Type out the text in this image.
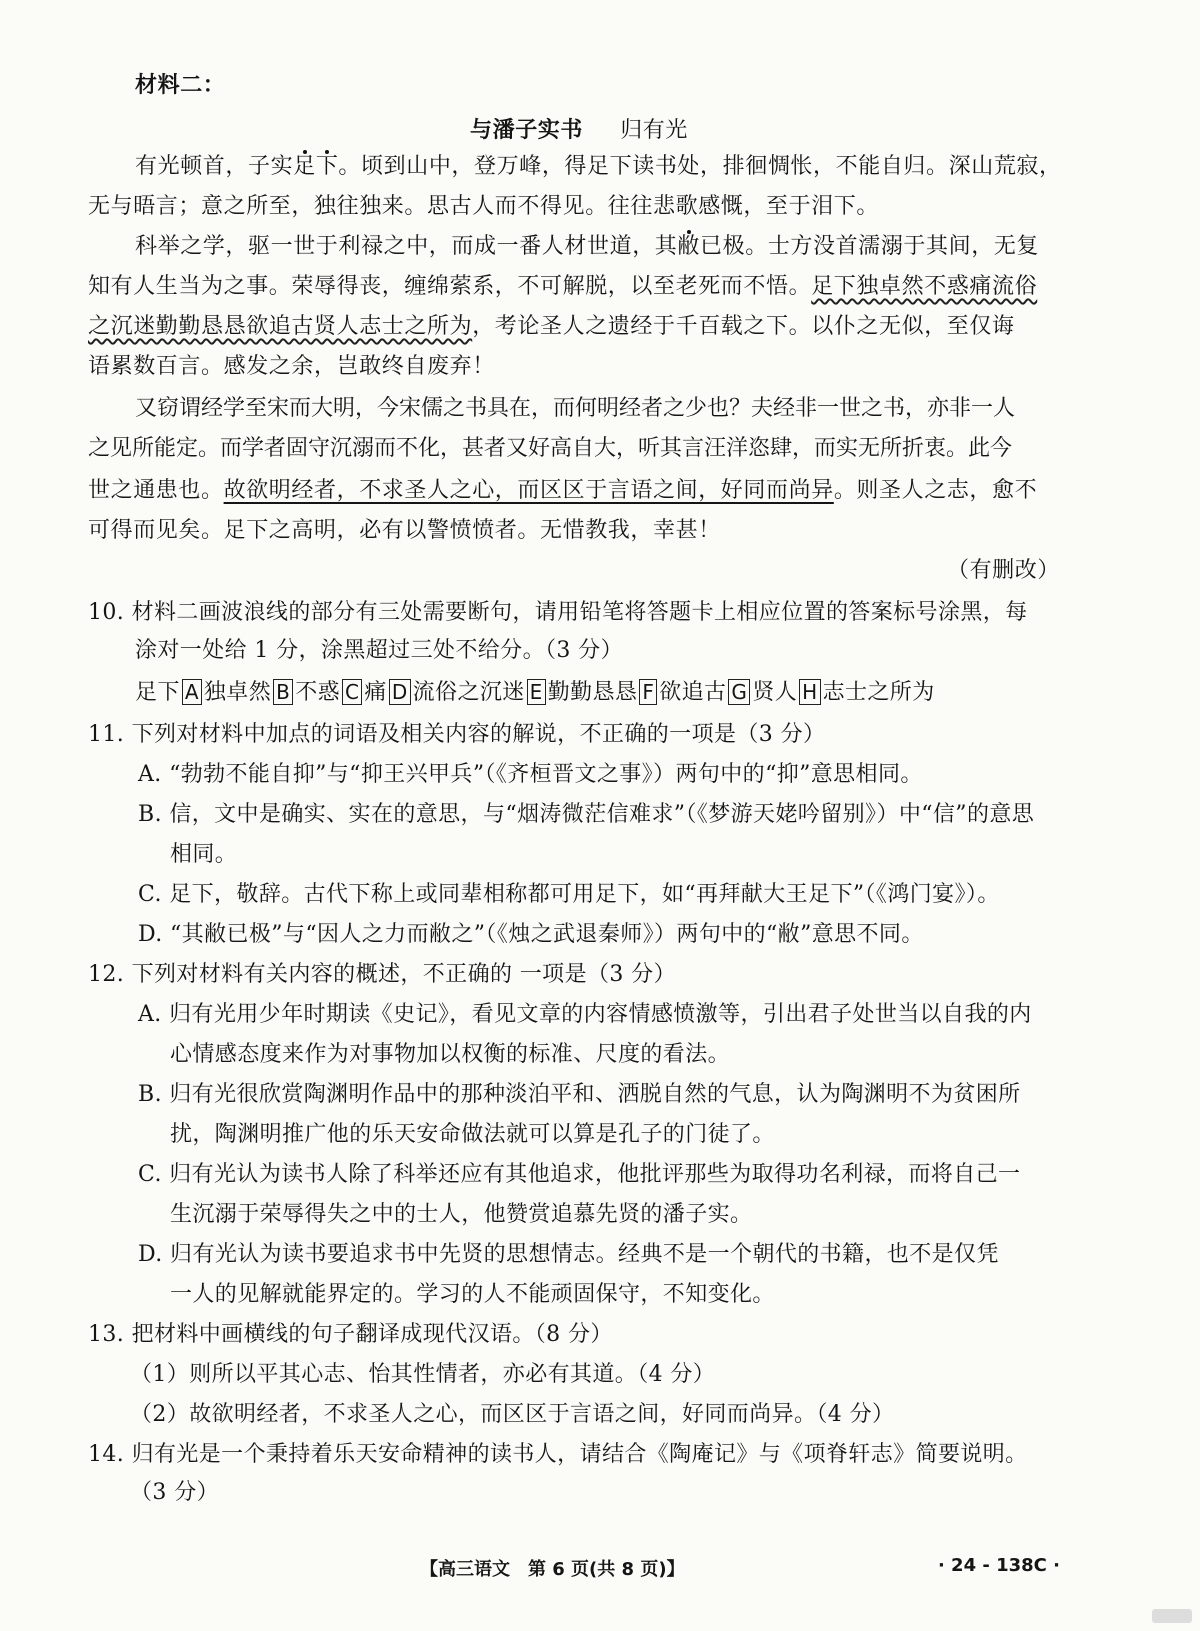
材料二：
与潘子实书 归有光
有光顿首，子实足下。顷到山中，登万峰，得足下读书处，排徊惆怅，不能自归。深山荒寂，
无与晤言；意之所至，独往独来。思古人而不得见。往往悲歌感慨，至于泪下。
科举之学，驱一世于利禄之中，而成一番人材世道，其敝已极。士方没首濡溺于其间，无复
知有人生当为之事。荣辱得丧，缠绵萦系，不可解脱，以至老死而不悟。足下独卓然不惑痛流俗
之沉迷勤勤恳恳欲追古贤人志士之所为，考论圣人之遗经于千百载之下。以仆之无似，至仅诲
语累数百言。感发之余，岂敢终自废弃！
又窃谓经学至宋而大明，今宋儒之书具在，而何明经者之少也？夫经非一世之书，亦非一人
之见所能定。而学者固守沉溺而不化，甚者又好高自大，听其言汪洋恣肆，而实无所折衷。此今
世之通患也。故欲明经者，不求圣人之心，而区区于言语之间，好同而尚异。则圣人之志，愈不
可得而见矣。足下之高明，必有以警愤愤者。无惜教我，幸甚！
（有删改）
10. 材料二画波浪线的部分有三处需要断句，请用铅笔将答题卡上相应位置的答案标号涂黑，每
涂对一处给 1 分，涂黑超过三处不给分。（3 分）
足下 A 独卓然 B 不惑 C 痛 D 流俗之沉迷 E 勤勤恳恳 F 欲追古 G 贤人 H 志士之所为
11. 下列对材料中加点的词语及相关内容的解说，不正确的一项是（3 分）
A. “勃勃不能自抑”与“抑王兴甲兵”（《齐桓晋文之事》）两句中的“抑”意思相同。
B. 信，文中是确实、实在的意思，与“烟涛微茫信难求”（《梦游天姥吟留别》）中“信”的意思
相同。
C. 足下，敬辞。古代下称上或同辈相称都可用足下，如“再拜献大王足下”（《鸿门宴》）。
D. “其敝已极”与“因人之力而敝之”（《烛之武退秦师》）两句中的“敝”意思不同。
12. 下列对材料有关内容的概述，不正确的 一项是（3 分）
A. 归有光用少年时期读《史记》，看见文章的内容情感愤激等，引出君子处世当以自我的内
心情感态度来作为对事物加以权衡的标准、尺度的看法。
B. 归有光很欣赏陶渊明作品中的那种淡泊平和、洒脱自然的气息，认为陶渊明不为贫困所
扰，陶渊明推广他的乐天安命做法就可以算是孔子的门徒了。
C. 归有光认为读书人除了科举还应有其他追求，他批评那些为取得功名利禄，而将自己一
生沉溺于荣辱得失之中的士人，他赞赏追慕先贤的潘子实。
D. 归有光认为读书要追求书中先贤的思想情志。经典不是一个朝代的书籍，也不是仅凭
一人的见解就能界定的。学习的人不能顽固保守，不知变化。
13. 把材料中画横线的句子翻译成现代汉语。（8 分）
（1）则所以平其心志、怡其性情者，亦必有其道。（4 分）
（2）故欲明经者，不求圣人之心，而区区于言语之间，好同而尚异。（4 分）
14. 归有光是一个秉持着乐天安命精神的读书人，请结合《陶庵记》与《项脊轩志》简要说明。
（3 分）
【高三语文　第 6 页(共 8 页)】	· 24 - 138C ·
